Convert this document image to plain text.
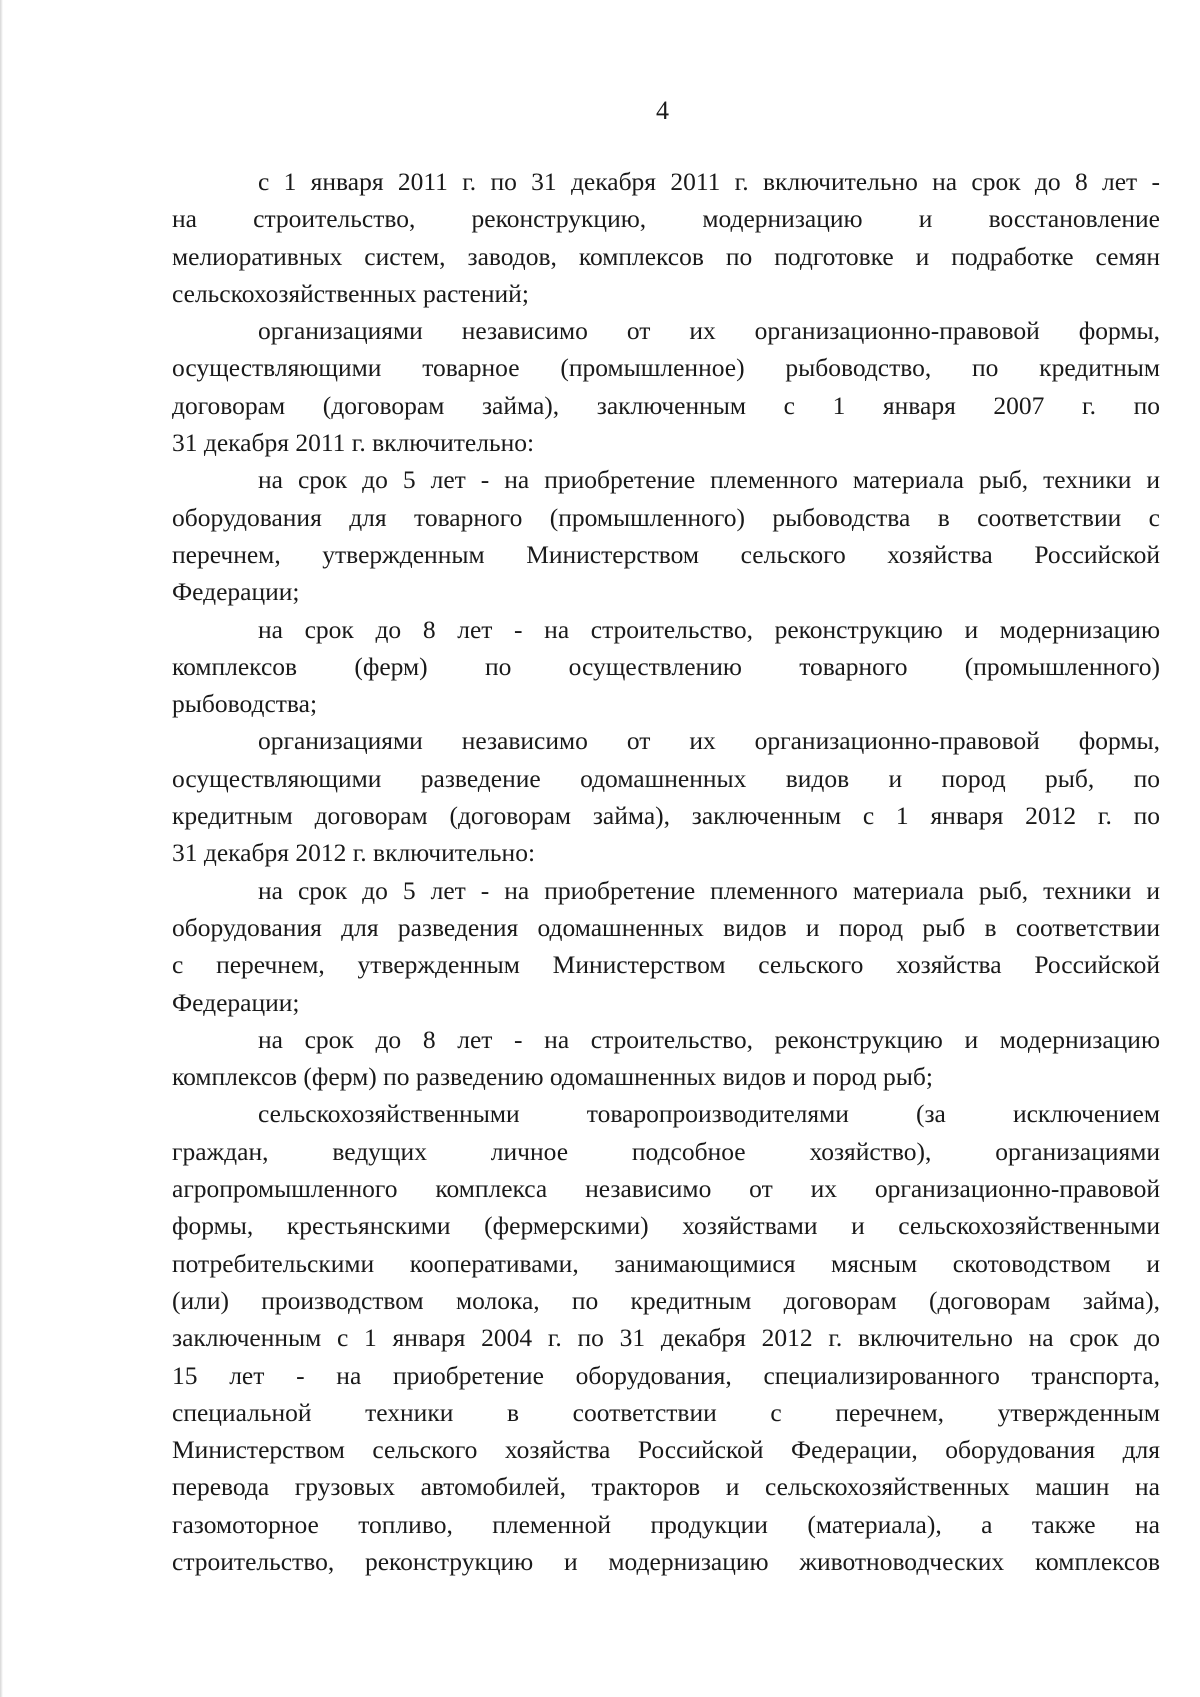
4
с 1 января 2011 г. по 31 декабря 2011 г. включительно на срок до 8 лет -
на строительство, реконструкцию, модернизацию и восстановление
мелиоративных систем, заводов, комплексов по подготовке и подработке семян
сельскохозяйственных растений;
организациями независимо от их организационно-правовой формы,
осуществляющими товарное (промышленное) рыбоводство, по кредитным
договорам (договорам займа), заключенным с 1 января 2007 г. по
31 декабря 2011 г. включительно:
на срок до 5 лет - на приобретение племенного материала рыб, техники и
оборудования для товарного (промышленного) рыбоводства в соответствии с
перечнем, утвержденным Министерством сельского хозяйства Российской
Федерации;
на срок до 8 лет - на строительство, реконструкцию и модернизацию
комплексов (ферм) по осуществлению товарного (промышленного)
рыбоводства;
организациями независимо от их организационно-правовой формы,
осуществляющими разведение одомашненных видов и пород рыб, по
кредитным договорам (договорам займа), заключенным с 1 января 2012 г. по
31 декабря 2012 г. включительно:
на срок до 5 лет - на приобретение племенного материала рыб, техники и
оборудования для разведения одомашненных видов и пород рыб в соответствии
с перечнем, утвержденным Министерством сельского хозяйства Российской
Федерации;
на срок до 8 лет - на строительство, реконструкцию и модернизацию
комплексов (ферм) по разведению одомашненных видов и пород рыб;
сельскохозяйственными товаропроизводителями (за исключением
граждан, ведущих личное подсобное хозяйство), организациями
агропромышленного комплекса независимо от их организационно-правовой
формы, крестьянскими (фермерскими) хозяйствами и сельскохозяйственными
потребительскими кооперативами, занимающимися мясным скотоводством и
(или) производством молока, по кредитным договорам (договорам займа),
заключенным с 1 января 2004 г. по 31 декабря 2012 г. включительно на срок до
15 лет - на приобретение оборудования, специализированного транспорта,
специальной техники в соответствии с перечнем, утвержденным
Министерством сельского хозяйства Российской Федерации, оборудования для
перевода грузовых автомобилей, тракторов и сельскохозяйственных машин на
газомоторное топливо, племенной продукции (материала), а также на
строительство, реконструкцию и модернизацию животноводческих комплексов
